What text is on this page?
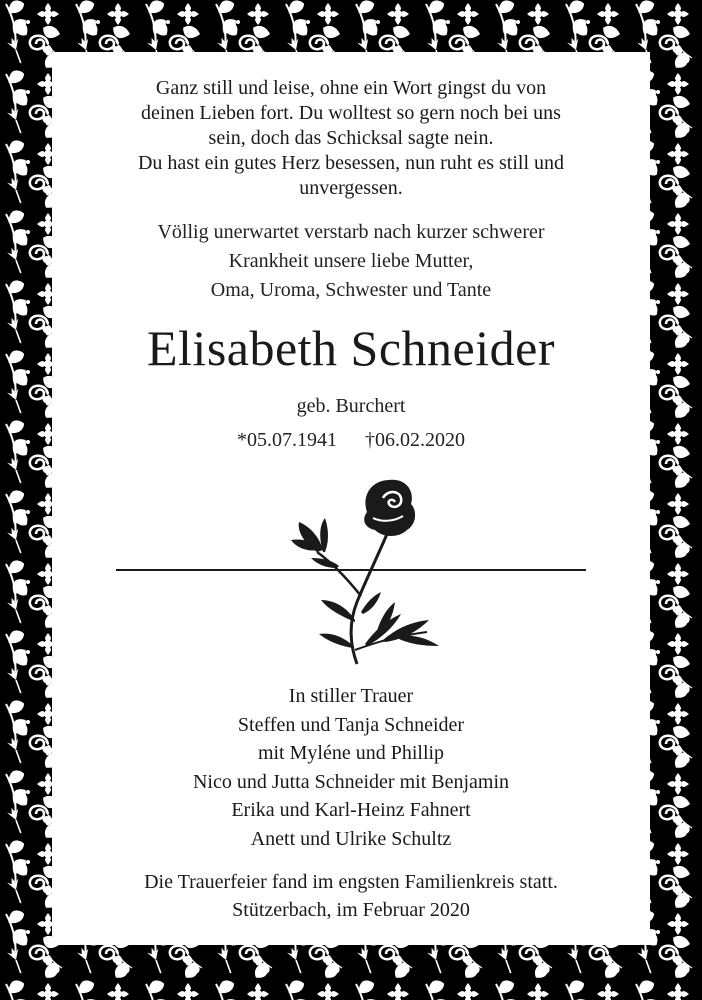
Ganz still und leise, ohne ein Wort gingst du von
deinen Lieben fort. Du wolltest so gern noch bei uns
sein, doch das Schicksal sagte nein.
Du hast ein gutes Herz besessen, nun ruht es still und
unvergessen.
Völlig unerwartet verstarb nach kurzer schwerer
Krankheit unsere liebe Mutter,
Oma, Uroma, Schwester und Tante
Elisabeth Schneider
geb. Burchert
*05.07.1941 †06.02.2020
In stiller Trauer
Steffen und Tanja Schneider
mit Myléne und Phillip
Nico und Jutta Schneider mit Benjamin
Erika und Karl-Heinz Fahnert
Anett und Ulrike Schultz
Die Trauerfeier fand im engsten Familienkreis statt.
Stützerbach, im Februar 2020
